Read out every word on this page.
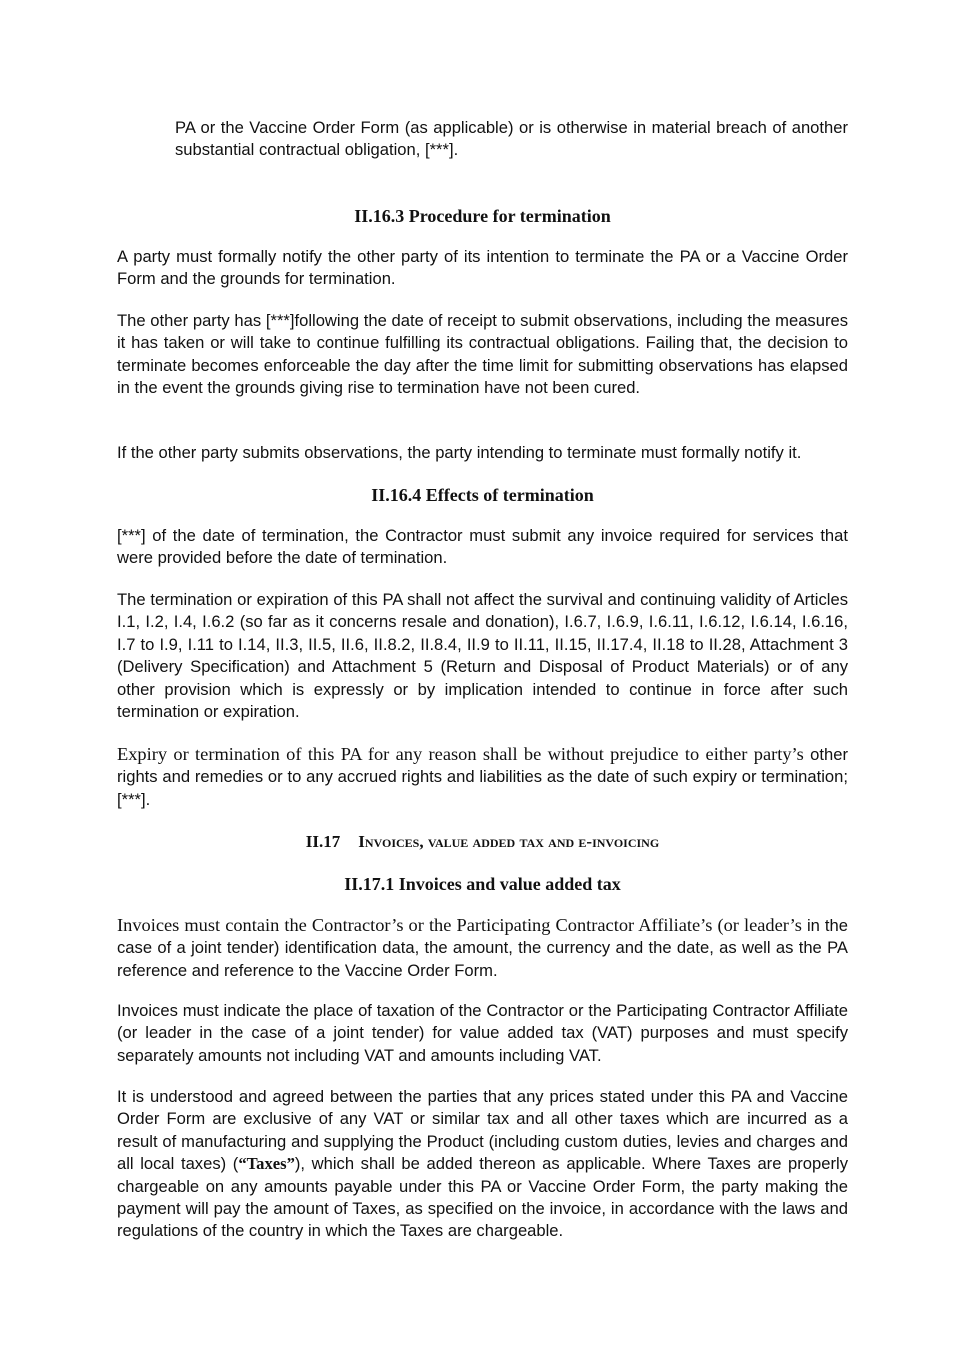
PA or the Vaccine Order Form (as applicable) or is otherwise in material breach of another substantial contractual obligation, [***].

II.16.3 Procedure for termination

A party must formally notify the other party of its intention to terminate the PA or a Vaccine Order Form and the grounds for termination.

The other party has [***]following the date of receipt to submit observations, including the measures it has taken or will take to continue fulfilling its contractual obligations. Failing that, the decision to terminate becomes enforceable the day after the time limit for submitting observations has elapsed in the event the grounds giving rise to termination have not been cured.

If the other party submits observations, the party intending to terminate must formally notify it.

II.16.4 Effects of termination

[***] of the date of termination, the Contractor must submit any invoice required for services that were provided before the date of termination.

The termination or expiration of this PA shall not affect the survival and continuing validity of Articles I.1, I.2, I.4, I.6.2 (so far as it concerns resale and donation), I.6.7, I.6.9, I.6.11, I.6.12, I.6.14, I.6.16, I.7 to I.9, I.11 to I.14, II.3, II.5, II.6, II.8.2, II.8.4, II.9 to II.11, II.15, II.17.4, II.18 to II.28, Attachment 3 (Delivery Specification) and Attachment 5 (Return and Disposal of Product Materials) or of any other provision which is expressly or by implication intended to continue in force after such termination or expiration.

Expiry or termination of this PA for any reason shall be without prejudice to either party’s other rights and remedies or to any accrued rights and liabilities as the date of such expiry or termination; [***].

II.17 Invoices, value added tax and e-invoicing
II.17.1 Invoices and value added tax

Invoices must contain the Contractor’s or the Participating Contractor Affiliate’s (or leader’s in the case of a joint tender) identification data, the amount, the currency and the date, as well as the PA reference and reference to the Vaccine Order Form.

Invoices must indicate the place of taxation of the Contractor or the Participating Contractor Affiliate (or leader in the case of a joint tender) for value added tax (VAT) purposes and must specify separately amounts not including VAT and amounts including VAT.

It is understood and agreed between the parties that any prices stated under this PA and Vaccine Order Form are exclusive of any VAT or similar tax and all other taxes which are incurred as a result of manufacturing and supplying the Product (including custom duties, levies and charges and all local taxes) (“Taxes”), which shall be added thereon as applicable. Where Taxes are properly chargeable on any amounts payable under this PA or Vaccine Order Form, the party making the payment will pay the amount of Taxes, as specified on the invoice, in accordance with the laws and regulations of the country in which the Taxes are chargeable.
